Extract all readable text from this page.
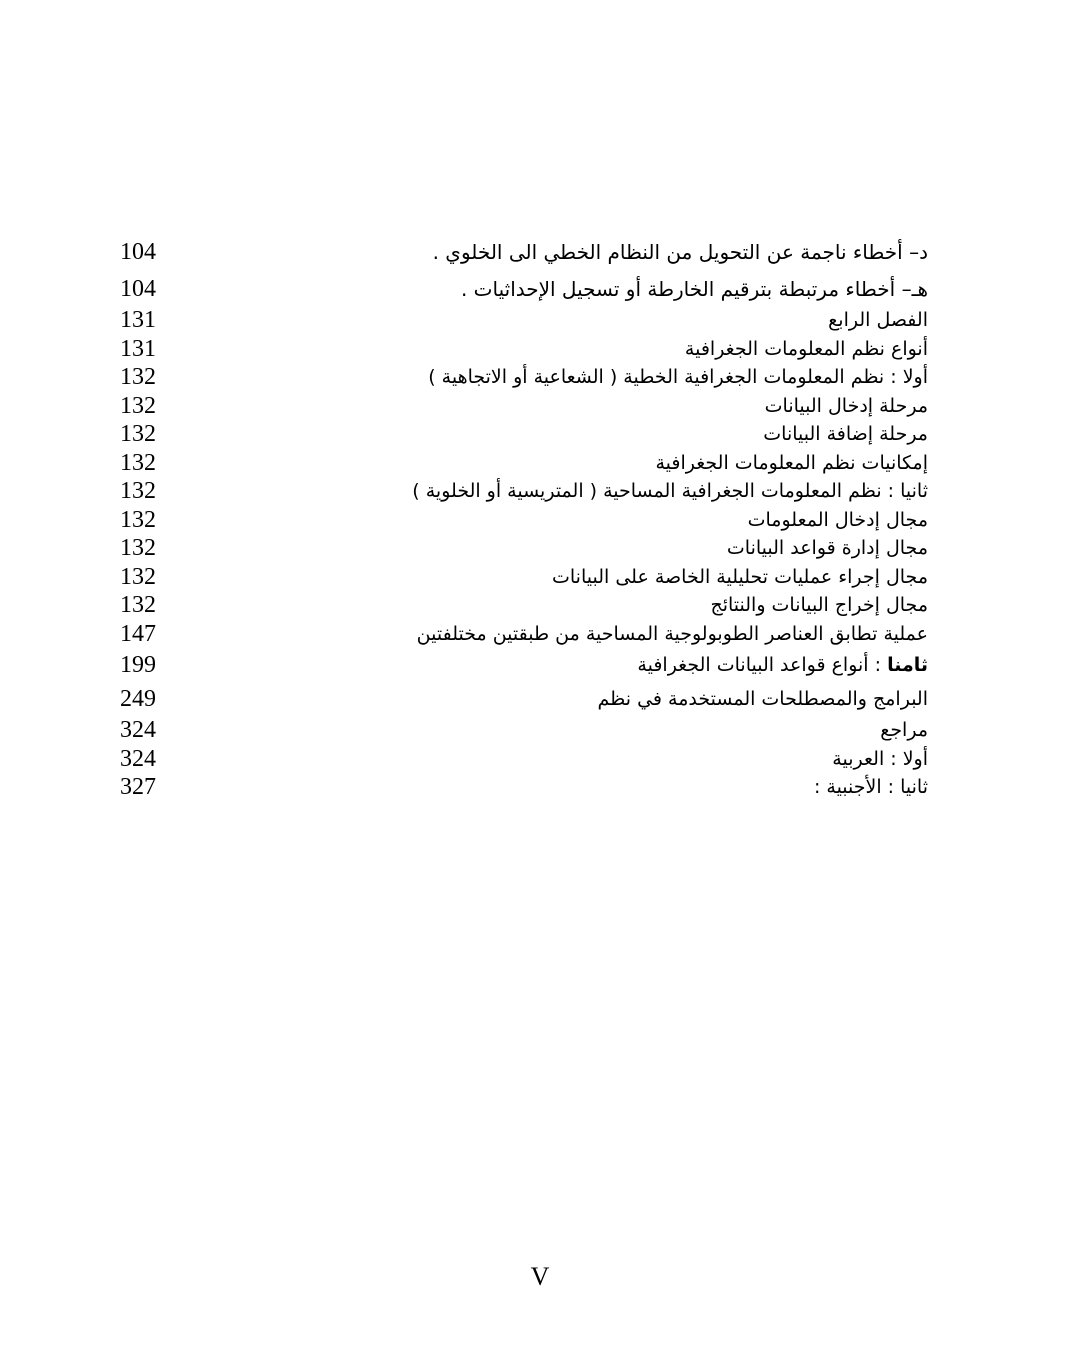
104	د– أخطاء ناجمة عن التحويل من النظام الخطي الى الخلوي .
104	هـ– أخطاء مرتبطة بترقيم الخارطة أو تسجيل الإحداثيات .
131	الفصل الرابع
131	أنواع نظم المعلومات الجغرافية
132	أولا : نظم المعلومات الجغرافية الخطية ( الشعاعية أو الاتجاهية )
132	مرحلة إدخال البيانات
132	مرحلة إضافة البيانات
132	إمكانيات نظم المعلومات الجغرافية
132	ثانيا : نظم المعلومات الجغرافية المساحية ( المتريسية أو الخلوية )
132	مجال إدخال المعلومات
132	مجال إدارة قواعد البيانات
132	مجال إجراء عمليات تحليلية الخاصة على البيانات
132	مجال إخراج البيانات والنتائج
147	عملية تطابق العناصر الطوبولوجية المساحية من طبقتين مختلفتين
199	ثامنا : أنواع قواعد البيانات الجغرافية
249	البرامج والمصطلحات المستخدمة في نظم
324	مراجع
324	أولا : العربية
327	ثانيا : الأجنبية :
V
